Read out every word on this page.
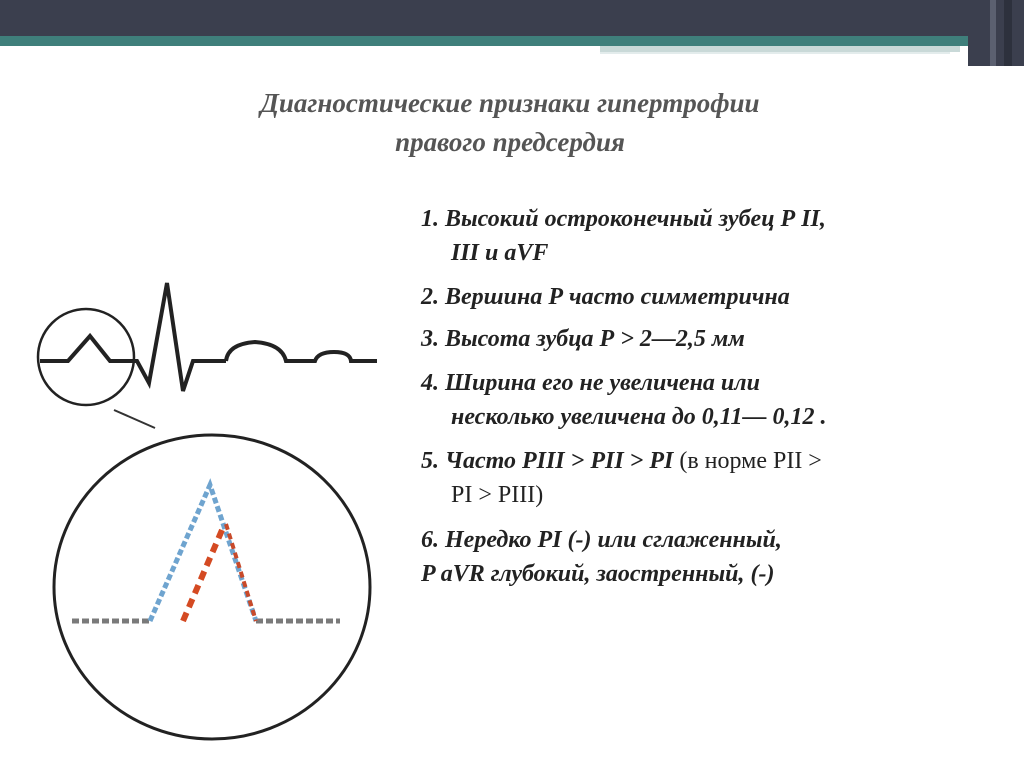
Диагностические признаки гипертрофии
правого предсердия
1. Высокий остроконечный зубец Р II,
III и aVF
2. Вершина Р часто симметрична
3. Высота зубца Р > 2—2,5 мм
4. Ширина его не увеличена или
несколько увеличена до 0,11— 0,12 .
5. Часто PIII > PII > PI (в норме PII >
PI > PIII)
6. Нередко PI (-) или сглаженный,
P aVR глубокий, заостренный, (-)
